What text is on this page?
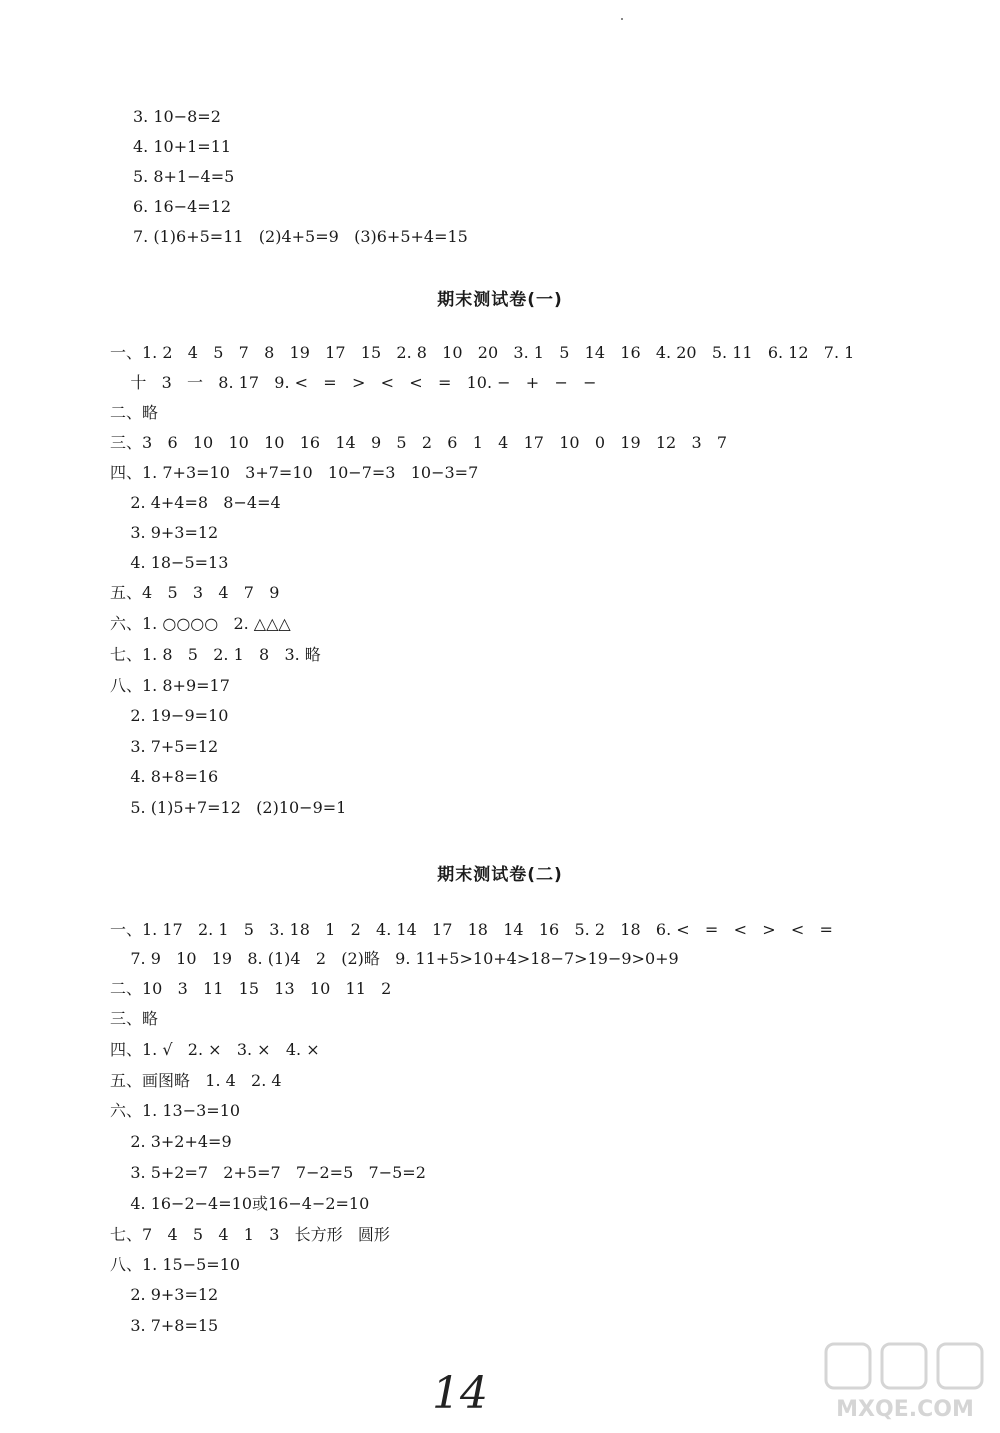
3. 10−8=2
4. 10+1=11
5. 8+1−4=5
6. 16−4=12
7. (1)6+5=11   (2)4+5=9   (3)6+5+4=15
期末测试卷(一)
一、1. 2   4   5   7   8   19   17   15   2. 8   10   20   3. 1   5   14   16   4. 20   5. 11   6. 12   7. 1
十   3   一   8. 17   9. <   =   >   <   <   =   10. −   +   −   −
二、略
三、3   6   10   10   10   16   14   9   5   2   6   1   4   17   10   0   19   12   3   7
四、1. 7+3=10   3+7=10   10−7=3   10−3=7
2. 4+4=8   8−4=4
3. 9+3=12
4. 18−5=13
五、4   5   3   4   7   9
六、1. ○○○○   2. △△△
七、1. 8   5   2. 1   8   3. 略
八、1. 8+9=17
2. 19−9=10
3. 7+5=12
4. 8+8=16
5. (1)5+7=12   (2)10−9=1
期末测试卷(二)
一、1. 17   2. 1   5   3. 18   1   2   4. 14   17   18   14   16   5. 2   18   6. <   =   <   >   <   =
7. 9   10   19   8. (1)4   2   (2)略   9. 11+5>10+4>18−7>19−9>0+9
二、10   3   11   15   13   10   11   2
三、略
四、1. √   2. ×   3. ×   4. ×
五、画图略   1. 4   2. 4
六、1. 13−3=10
2. 3+2+4=9
3. 5+2=7   2+5=7   7−2=5   7−5=2
4. 16−2−4=10或16−4−2=10
七、7   4   5   4   1   3   长方形   圆形
八、1. 15−5=10
2. 9+3=12
3. 7+8=15
14	MXQE.COM
